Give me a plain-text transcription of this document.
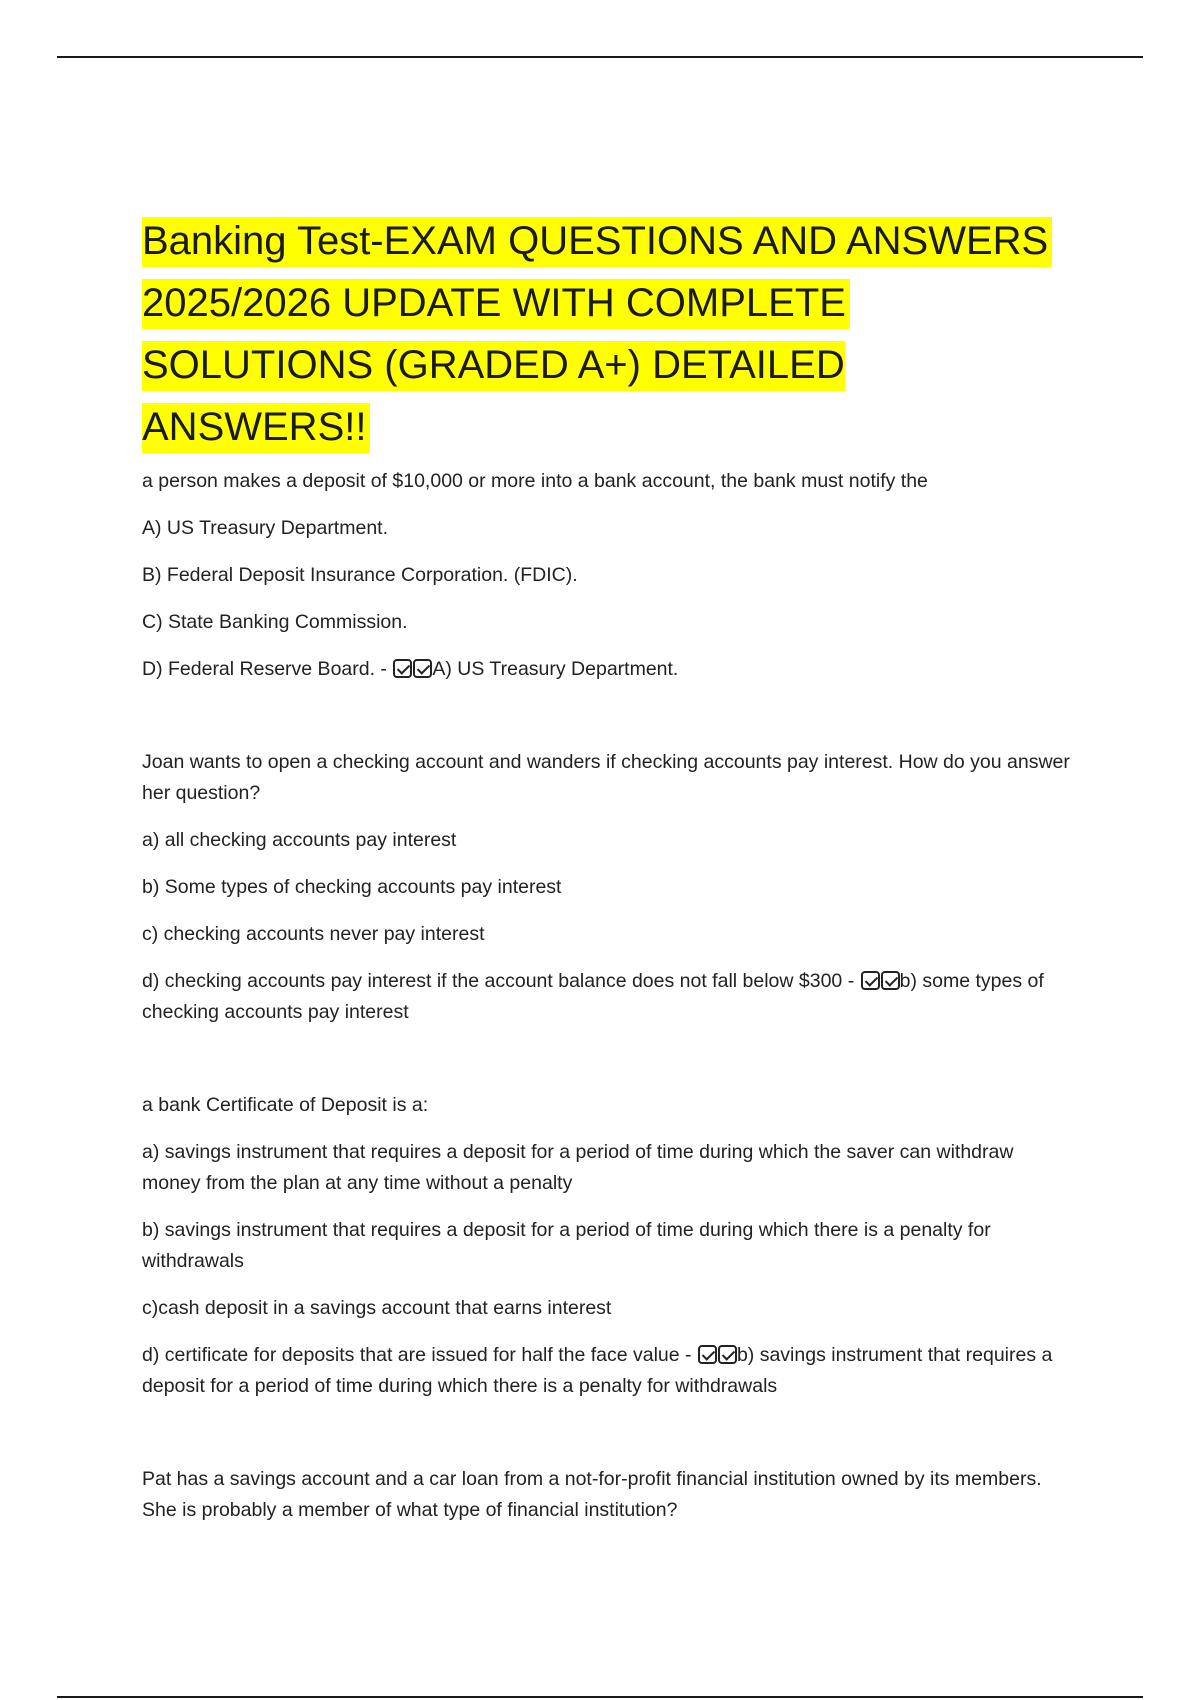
Banking Test-EXAM QUESTIONS AND ANSWERS
2025/2026 UPDATE WITH COMPLETE
SOLUTIONS (GRADED A+) DETAILED ANSWERS!!

a person makes a deposit of $10,000 or more into a bank account, the bank must notify the

A) US Treasury Department.

B) Federal Deposit Insurance Corporation. (FDIC).

C) State Banking Commission.

D) Federal Reserve Board. - A) US Treasury Department.

Joan wants to open a checking account and wanders if checking accounts pay interest. How do you answer her question?

a) all checking accounts pay interest

b) Some types of checking accounts pay interest

c) checking accounts never pay interest

d) checking accounts pay interest if the account balance does not fall below $300 - b) some types of checking accounts pay interest

a bank Certificate of Deposit is a:

a) savings instrument that requires a deposit for a period of time during which the saver can withdraw money from the plan at any time without a penalty

b) savings instrument that requires a deposit for a period of time during which there is a penalty for withdrawals

c)cash deposit in a savings account that earns interest

d) certificate for deposits that are issued for half the face value - b) savings instrument that requires a deposit for a period of time during which there is a penalty for withdrawals

Pat has a savings account and a car loan from a not-for-profit financial institution owned by its members. She is probably a member of what type of financial institution?
